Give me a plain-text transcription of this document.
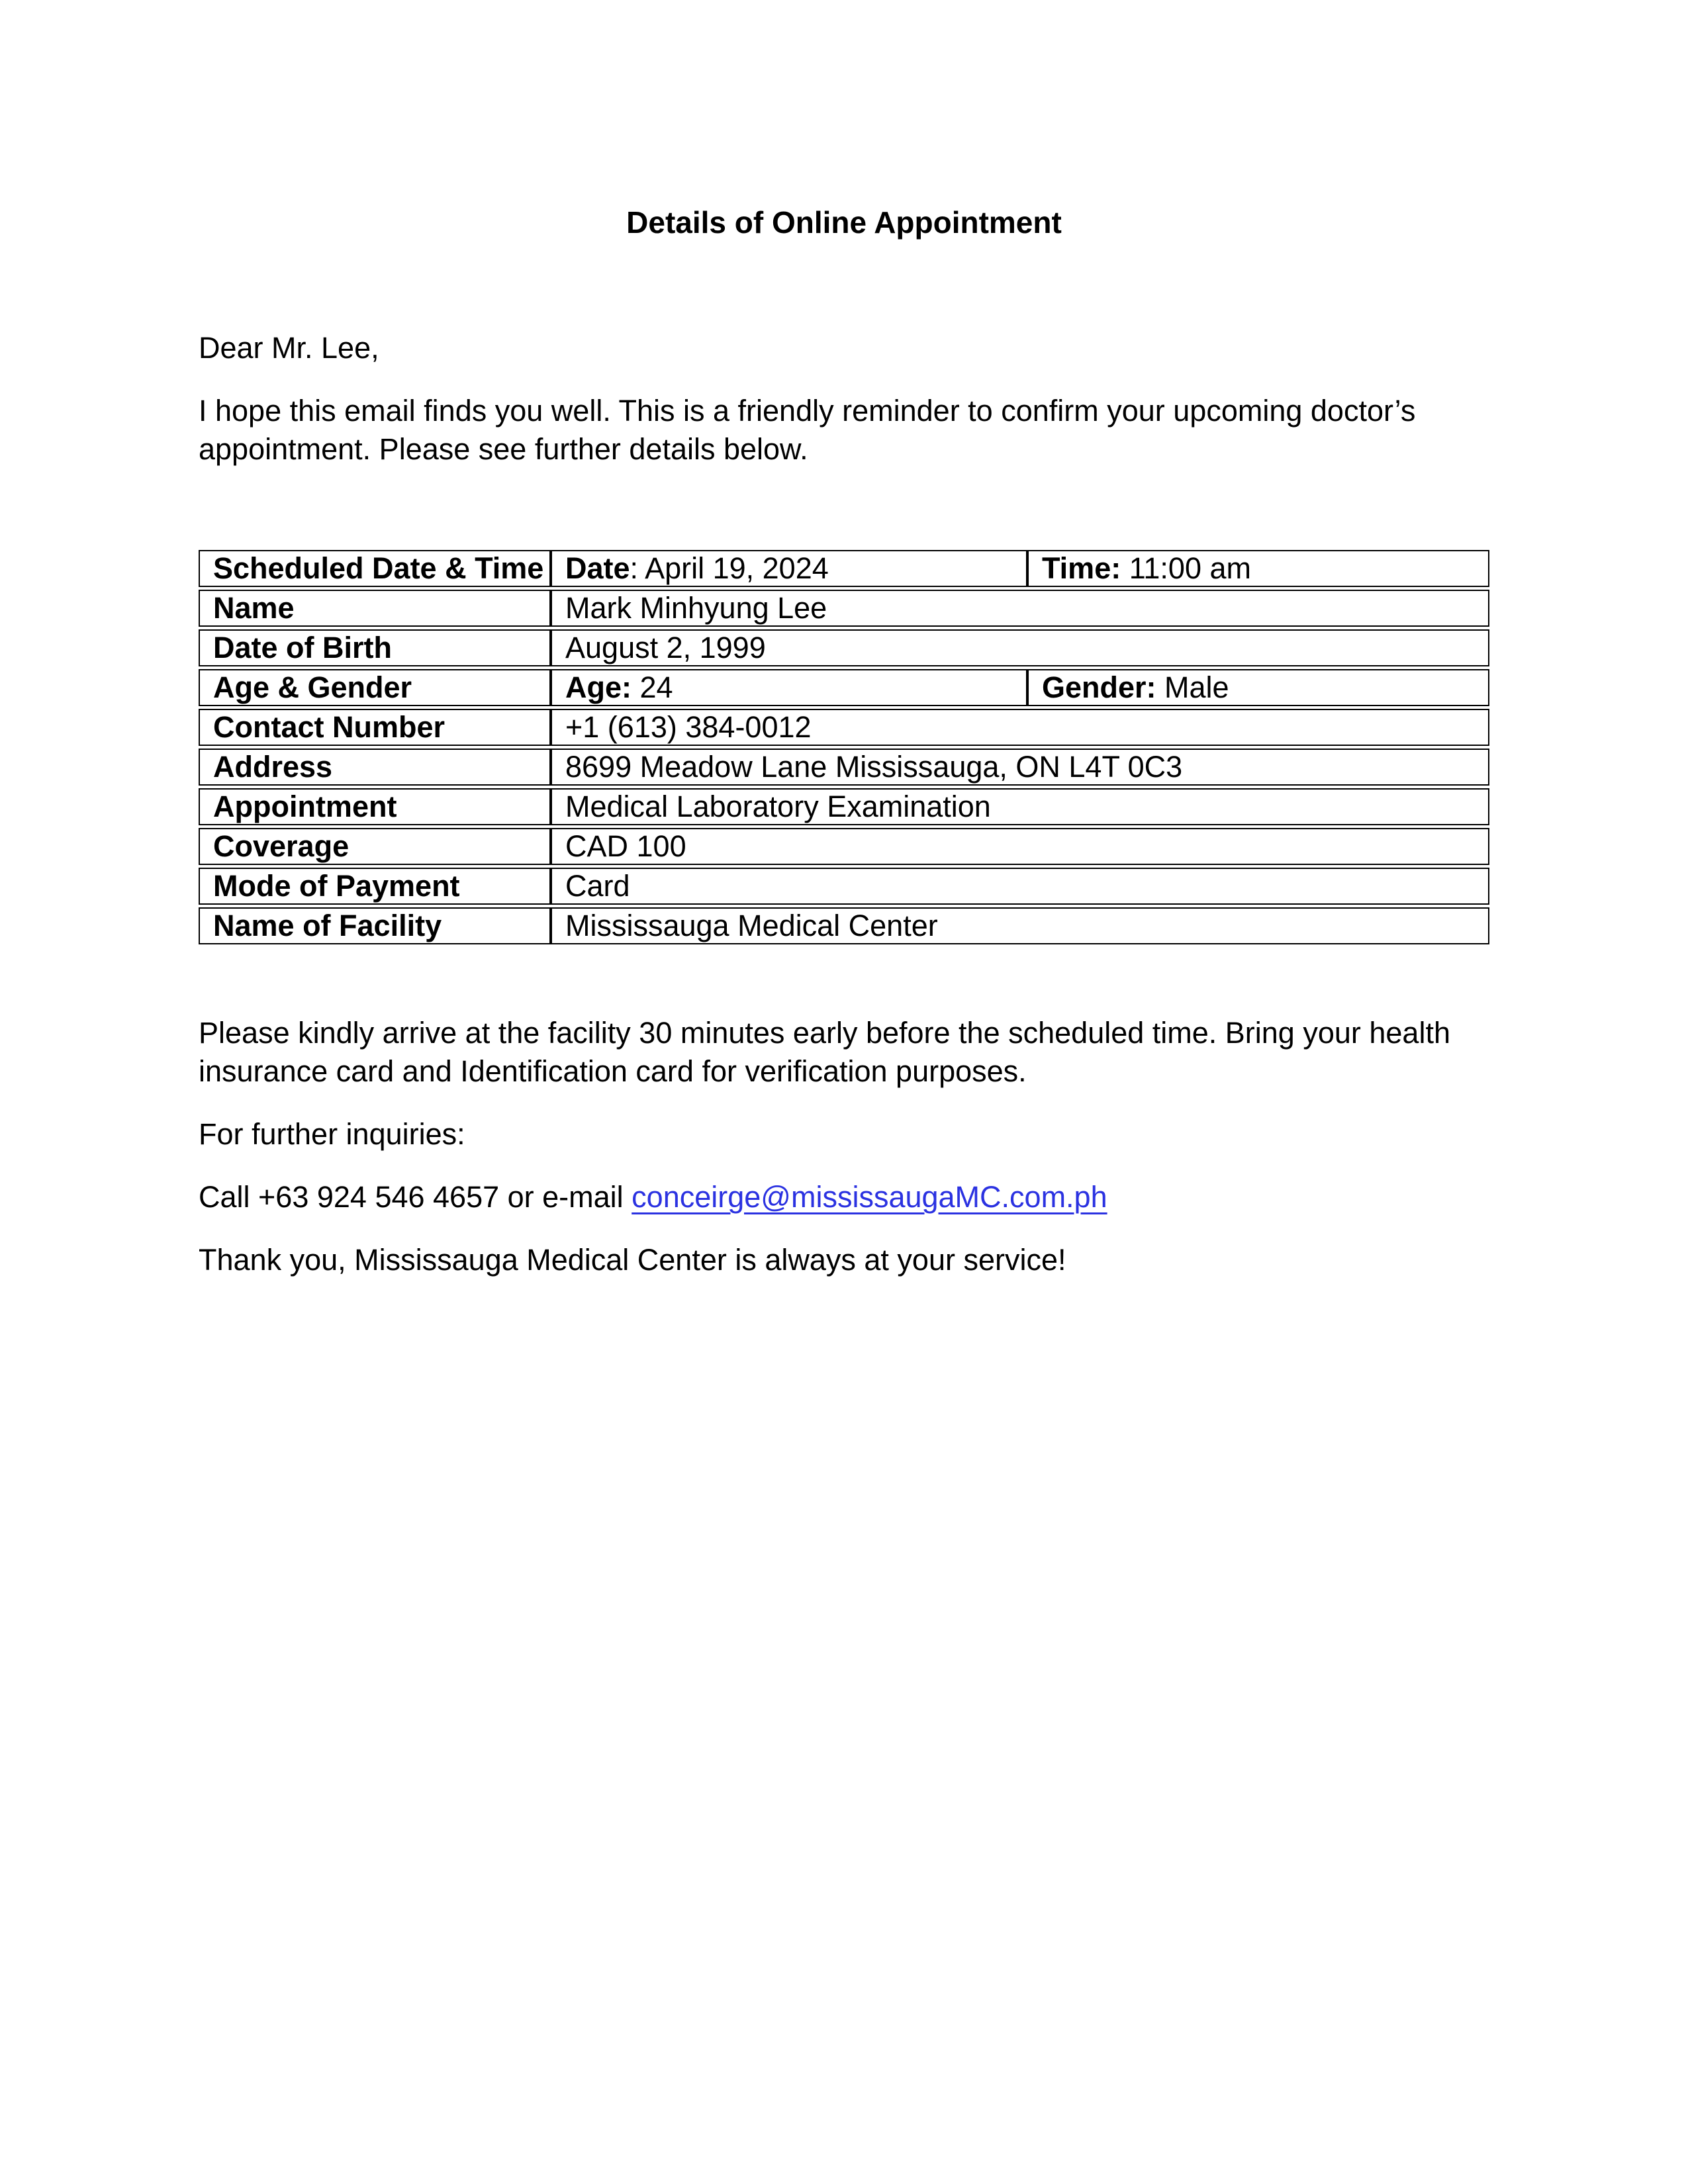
Details of Online Appointment

Dear Mr. Lee,

I hope this email finds you well. This is a friendly reminder to confirm your upcoming doctor’s
appointment. Please see further details below.

Scheduled Date & Time	Date: April 19, 2024	Time: 11:00 am
Name	Mark Minhyung Lee	
Date of Birth	August 2, 1999	
Age & Gender	Age: 24	Gender: Male
Contact Number	+1 (613) 384-0012	
Address	8699 Meadow Lane Mississauga, ON L4T 0C3	
Appointment	Medical Laboratory Examination	
Coverage	CAD 100	
Mode of Payment	Card	
Name of Facility	Mississauga Medical Center	

Please kindly arrive at the facility 30 minutes early before the scheduled time. Bring your health
insurance card and Identification card for verification purposes.

For further inquiries:

Call +63 924 546 4657 or e-mail conceirge@mississaugaMC.com.ph

Thank you, Mississauga Medical Center is always at your service!
